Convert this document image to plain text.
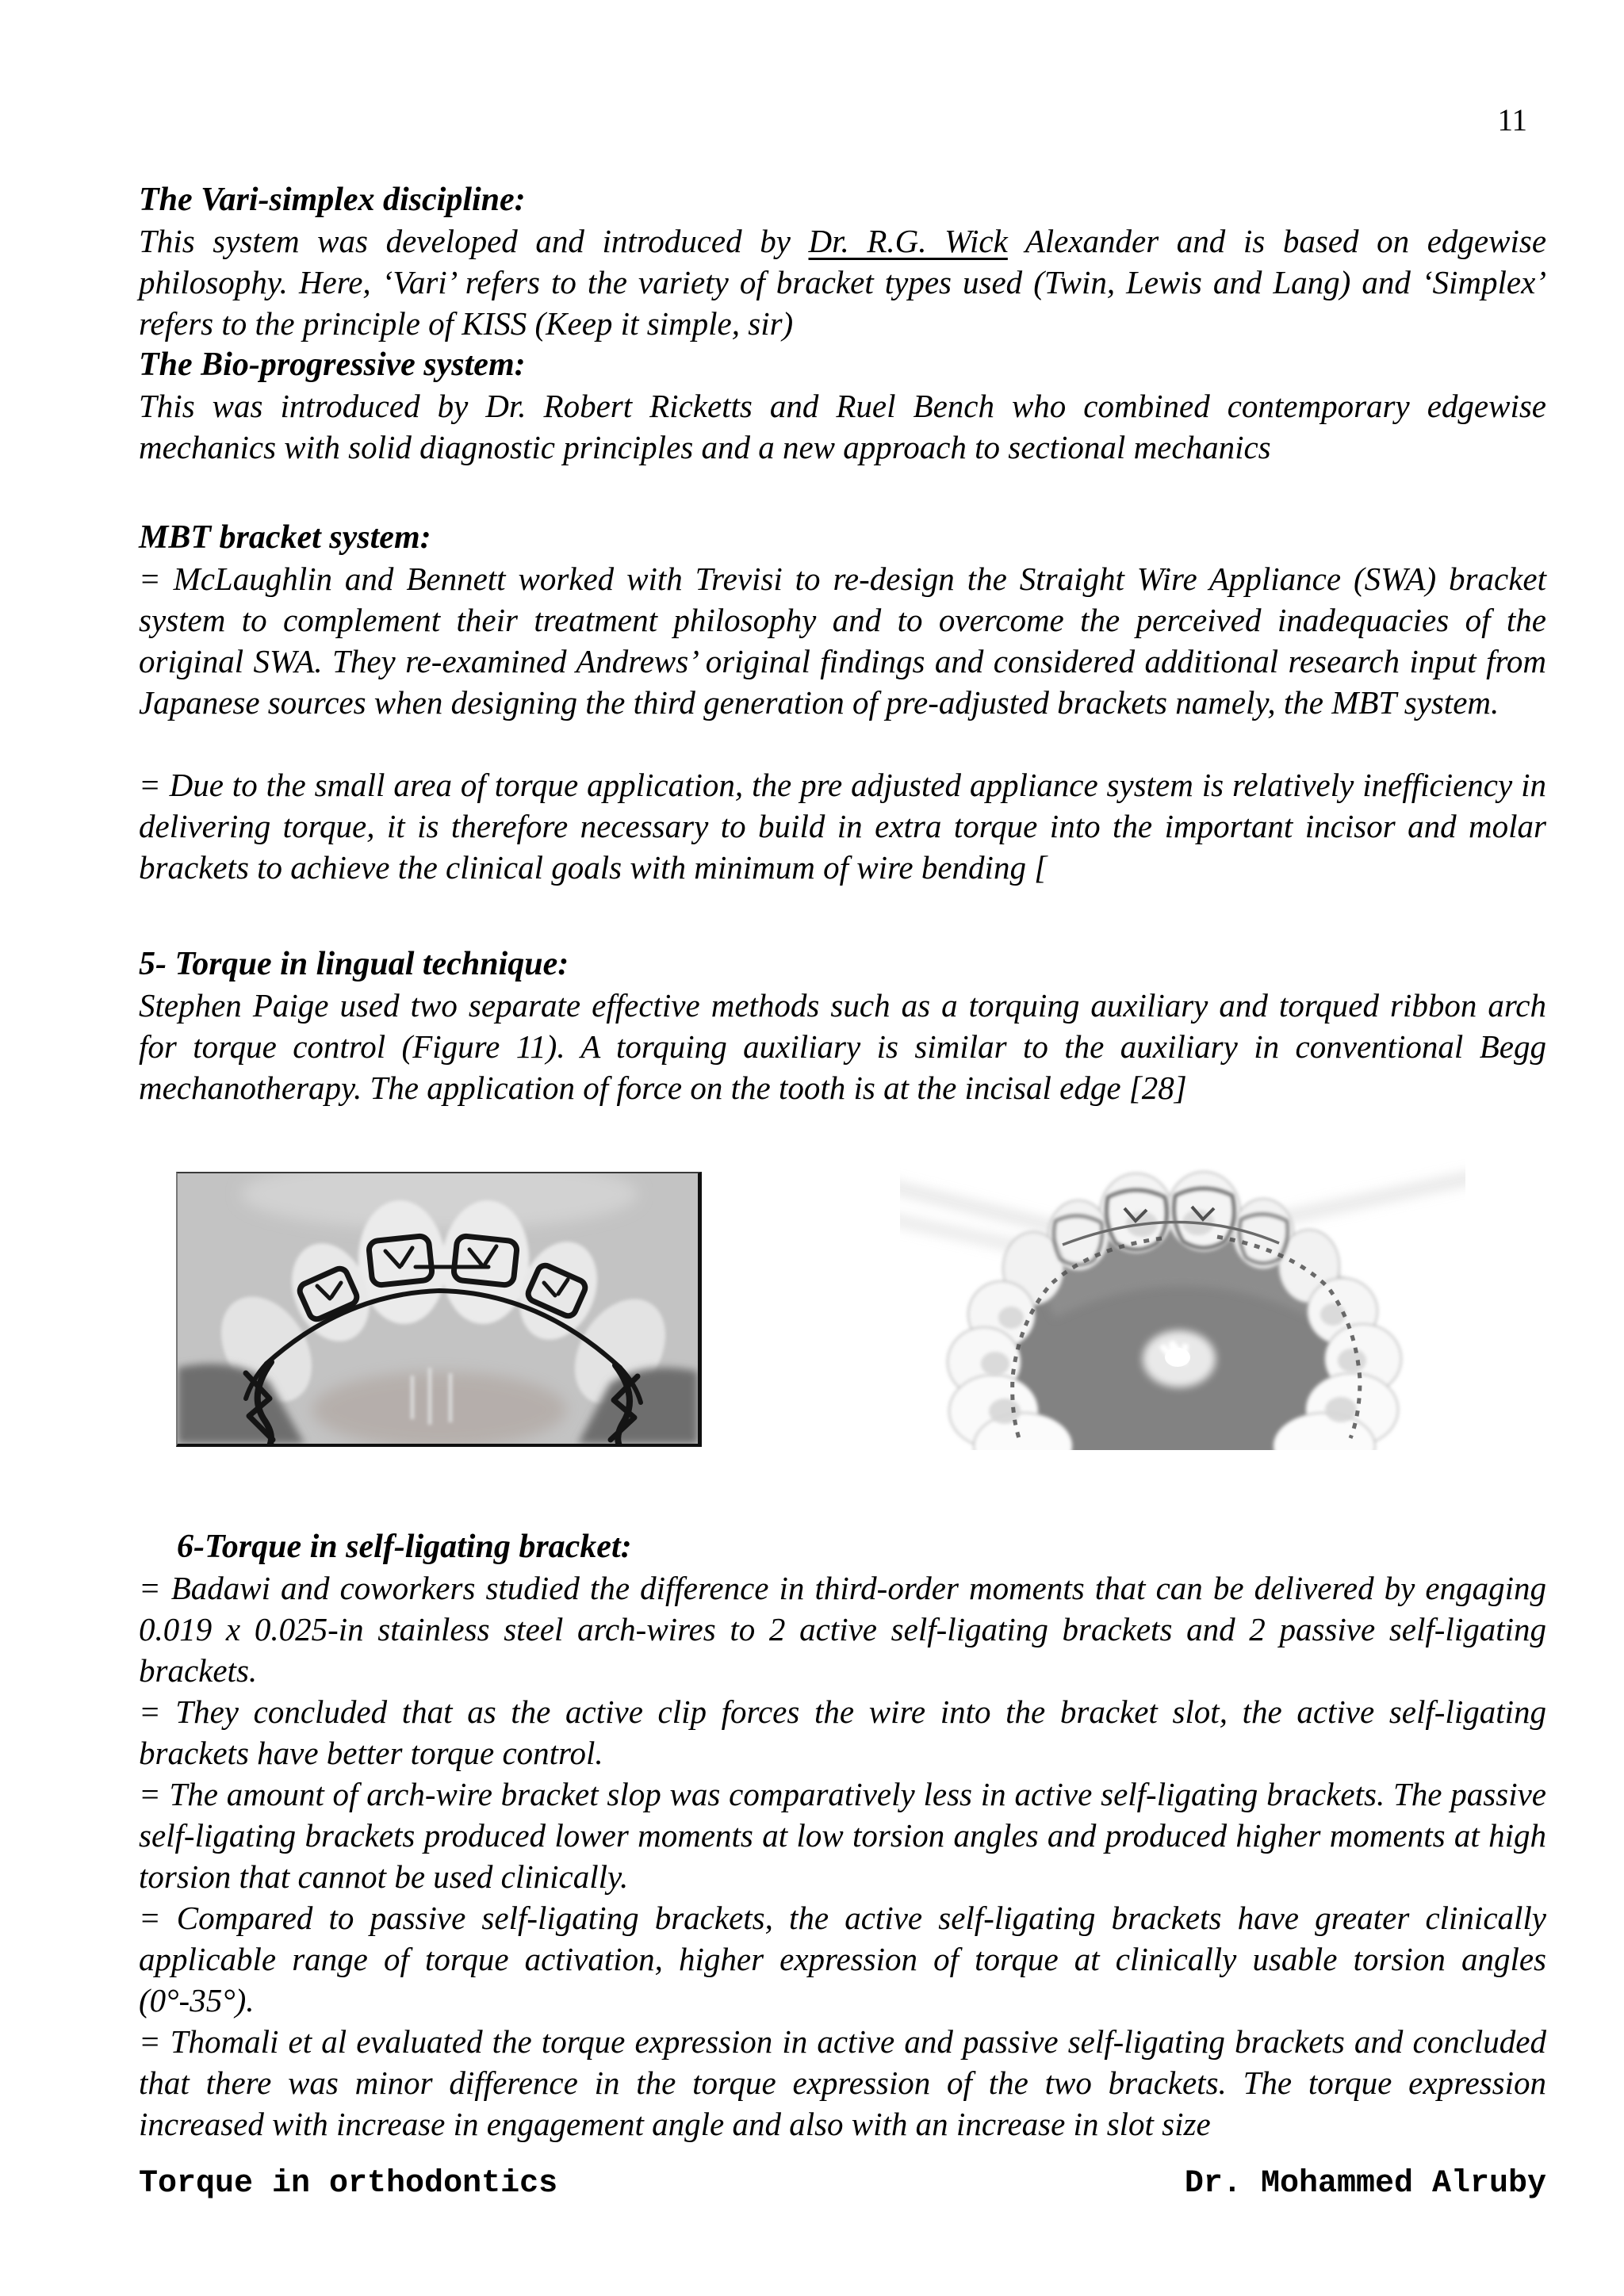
11
The Vari-simplex discipline:
This system was developed and introduced by Dr. R.G. Wick Alexander and is based on edgewise philosophy. Here, ‘Vari’ refers to the variety of bracket types used (Twin, Lewis and Lang) and ‘Simplex’ refers to the principle of KISS (Keep it simple, sir)
The Bio-progressive system:
This was introduced by Dr. Robert Ricketts and Ruel Bench who combined contemporary edgewise mechanics with solid diagnostic principles and a new approach to sectional mechanics
MBT bracket system:
= McLaughlin and Bennett worked with Trevisi to re-design the Straight Wire Appliance (SWA) bracket system to complement their treatment philosophy and to overcome the perceived inadequacies of the original SWA. They re-examined Andrews’ original findings and considered additional research input from Japanese sources when designing the third generation of pre-adjusted brackets namely, the MBT system.
= Due to the small area of torque application, the pre adjusted appliance system is relatively inefficiency in delivering torque, it is therefore necessary to build in extra torque into the important incisor and molar brackets to achieve the clinical goals with minimum of wire bending [
5- Torque in lingual technique:
Stephen Paige used two separate effective methods such as a torquing auxiliary and torqued ribbon arch for torque control (Figure 11). A torquing auxiliary is similar to the auxiliary in conventional Begg mechanotherapy. The application of force on the tooth is at the incisal edge [28]
6-Torque in self-ligating bracket:
= Badawi and coworkers studied the difference in third-order moments that can be delivered by engaging 0.019 x 0.025-in stainless steel arch-wires to 2 active self-ligating brackets and 2 passive self-ligating brackets.
= They concluded that as the active clip forces the wire into the bracket slot, the active self-ligating brackets have better torque control.
= The amount of arch-wire bracket slop was comparatively less in active self-ligating brackets. The passive self-ligating brackets produced lower moments at low torsion angles and produced higher moments at high torsion that cannot be used clinically.
= Compared to passive self-ligating brackets, the active self-ligating brackets have greater clinically applicable range of torque activation, higher expression of torque at clinically usable torsion angles (0°-35°).
= Thomali et al evaluated the torque expression in active and passive self-ligating brackets and concluded that there was minor difference in the torque expression of the two brackets. The torque expression increased with increase in engagement angle and also with an increase in slot size
Torque in orthodontics	Dr. Mohammed Alruby
